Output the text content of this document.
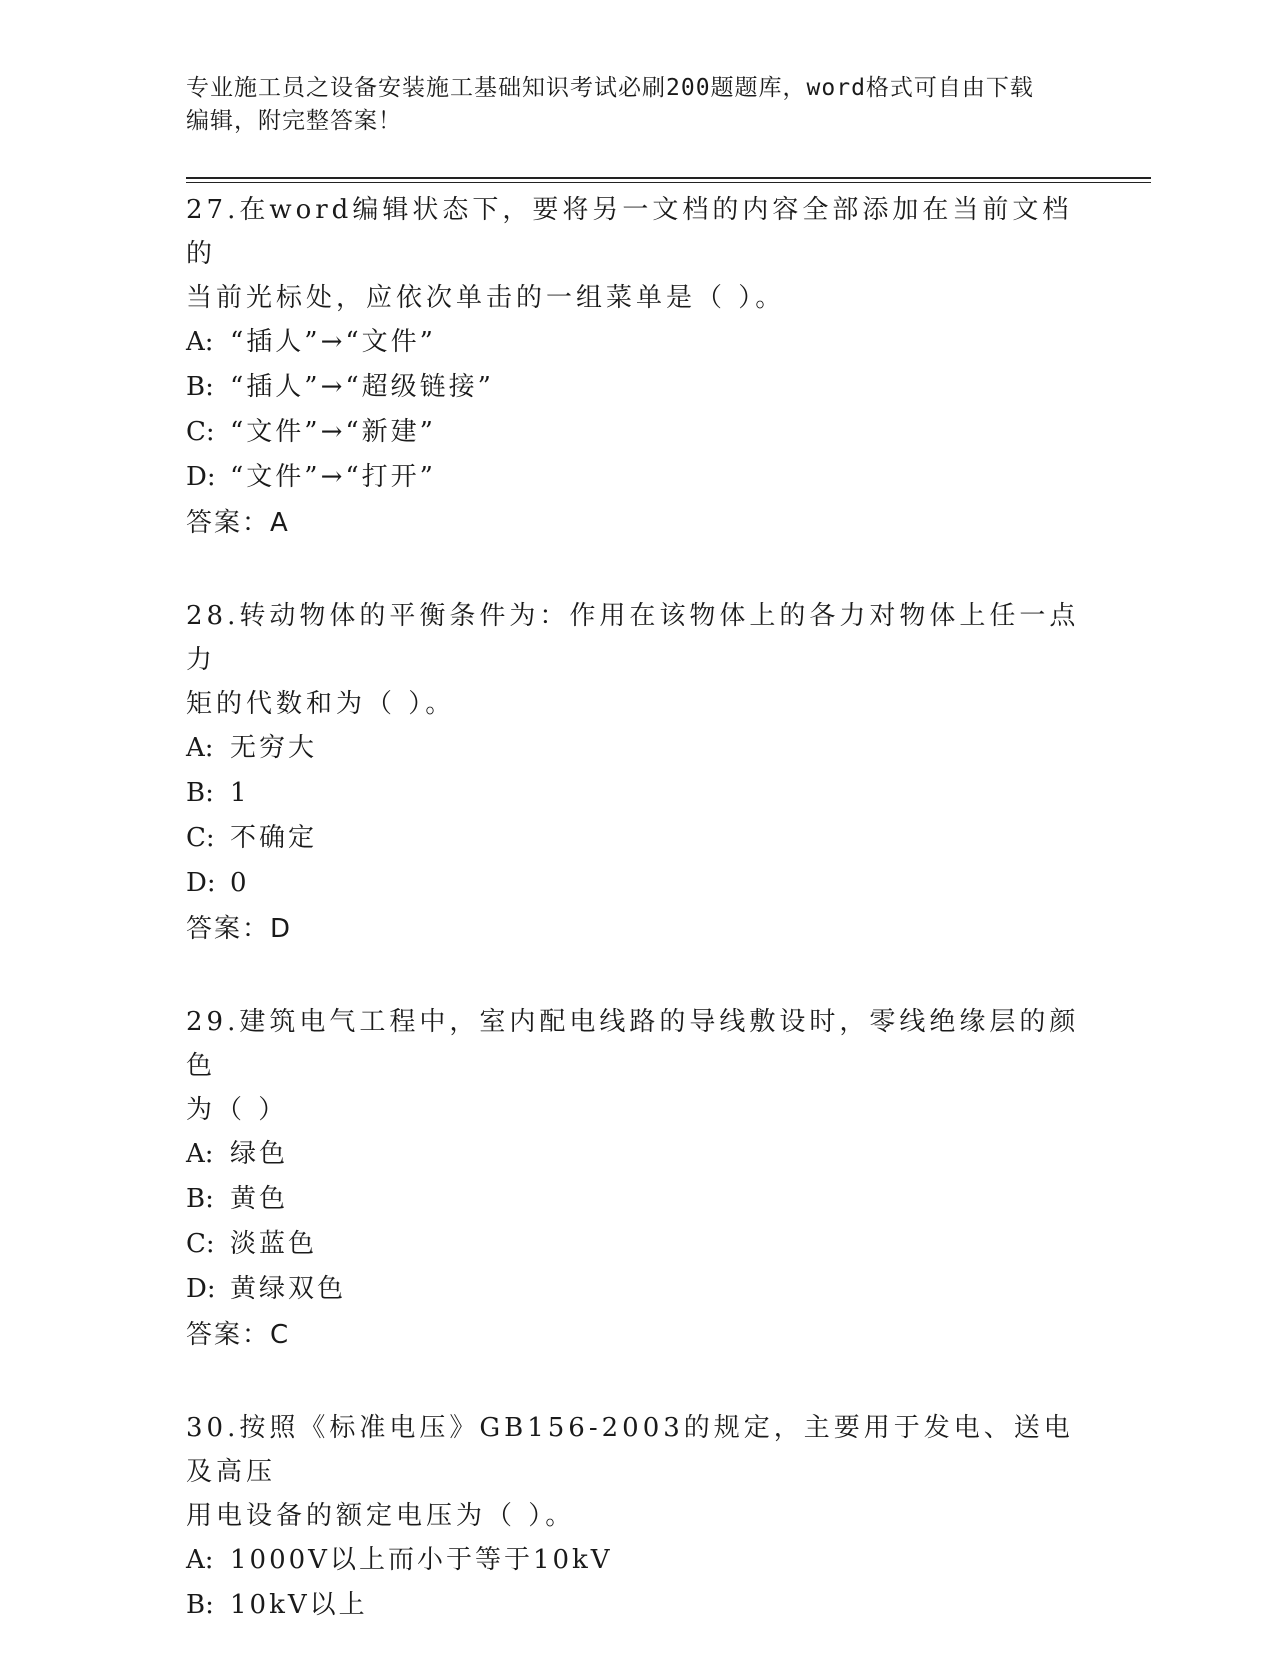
专业施工员之设备安装施工基础知识考试必刷200题题库，word格式可自由下载
编辑，附完整答案！

27.在word编辑状态下，要将另一文档的内容全部添加在当前文档的
当前光标处，应依次单击的一组菜单是（ ）。

A: “插人”→“文件”

B: “插人”→“超级链接”

C: “文件”→“新建”

D: “文件”→“打开”

答案：A

28.转动物体的平衡条件为：作用在该物体上的各力对物体上任一点力
矩的代数和为（ ）。

A: 无穷大

B: 1

C: 不确定

D: 0

答案：D

29.建筑电气工程中，室内配电线路的导线敷设时，零线绝缘层的颜色
为（ ）

A: 绿色

B: 黄色

C: 淡蓝色

D: 黄绿双色

答案：C

30.按照《标准电压》GB156-2003的规定，主要用于发电、送电及高压
用电设备的额定电压为（ ）。

A: 1000V以上而小于等于10kV

B: 10kV以上
